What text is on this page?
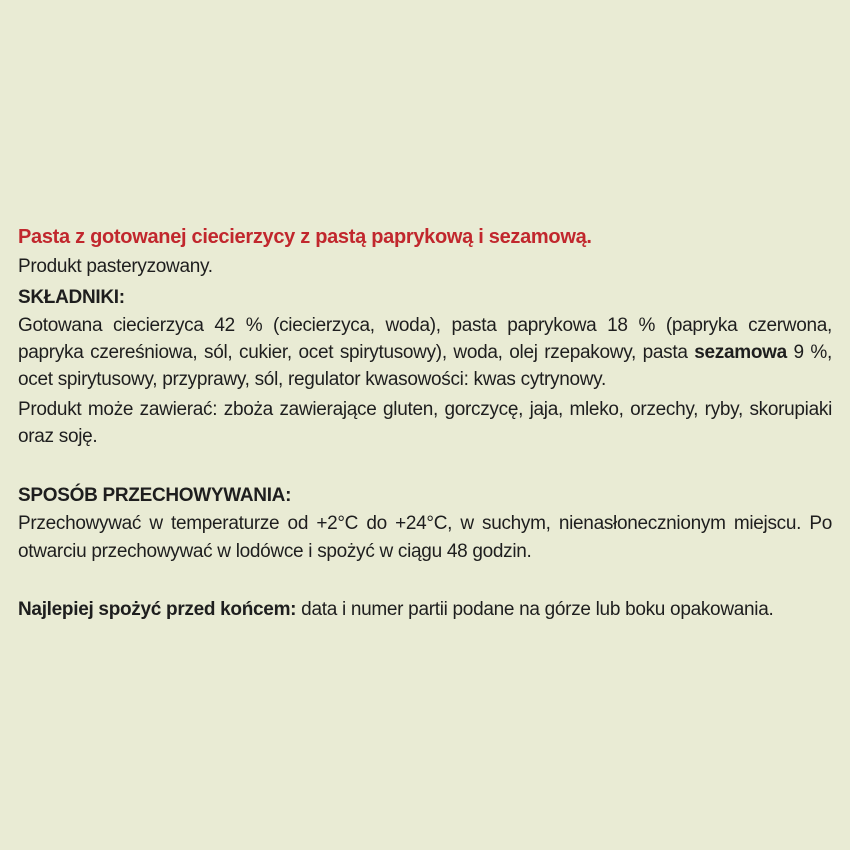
Pasta z gotowanej ciecierzycy z pastą paprykową i sezamową.

Produkt pasteryzowany.

SKŁADNIKI:

Gotowana ciecierzyca 42 % (ciecierzyca, woda), pasta paprykowa 18 % (papryka czerwona, papryka czereśniowa, sól, cukier, ocet spirytusowy), woda, olej rzepakowy, pasta sezamowa 9 %, ocet spirytusowy, przyprawy, sól, regulator kwasowości: kwas cytrynowy.

Produkt może zawierać: zboża zawierające gluten, gorczycę, jaja, mleko, orzechy, ryby, skorupiaki oraz soję.

SPOSÓB PRZECHOWYWANIA:

Przechowywać w temperaturze od +2°C do +24°C, w suchym, nienasłonecznionym miejscu. Po otwarciu przechowywać w lodówce i spożyć w ciągu 48 godzin.

Najlepiej spożyć przed końcem: data i numer partii podane na górze lub boku opakowania.
